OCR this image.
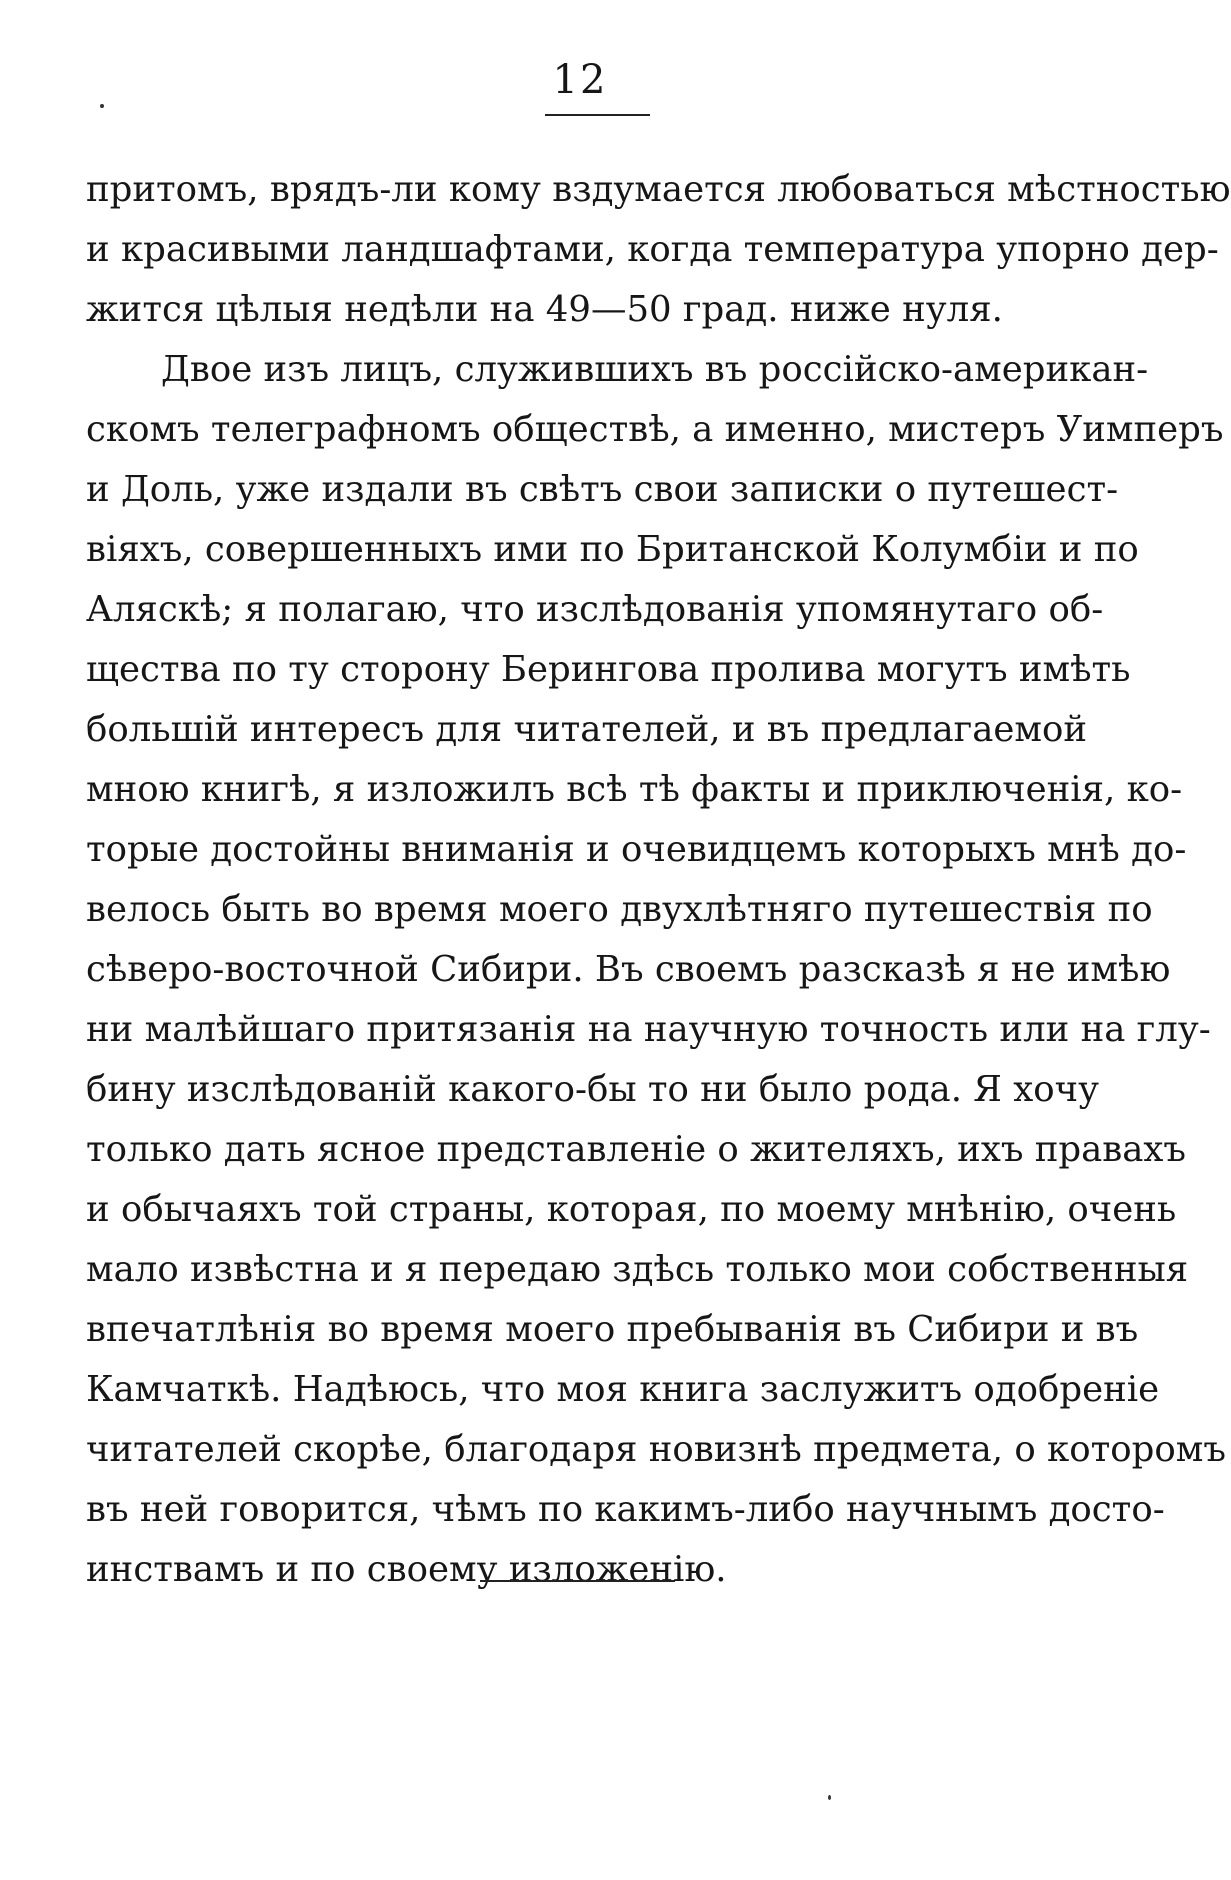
12
притомъ, врядъ-ли кому вздумается любоваться мѣстностью
и красивыми ландшафтами, когда температура упорно дер-
жится цѣлыя недѣли на 49—50 град. ниже нуля.
Двое изъ лицъ, служившихъ въ россійско-американ-
скомъ телеграфномъ обществѣ, а именно, мистеръ Уимперъ
и Доль, уже издали въ свѣтъ свои записки о путешест-
віяхъ, совершенныхъ ими по Британской Колумбіи и по
Аляскѣ; я полагаю, что изслѣдованія упомянутаго об-
щества по ту сторону Берингова пролива могутъ имѣть
большій интересъ для читателей, и въ предлагаемой
мною книгѣ, я изложилъ всѣ тѣ факты и приключенія, ко-
торые достойны вниманія и очевидцемъ которыхъ мнѣ до-
велось быть во время моего двухлѣтняго путешествія по
сѣверо-восточной Сибири. Въ своемъ разсказѣ я не имѣю
ни малѣйшаго притязанія на научную точность или на глу-
бину изслѣдованій какого-бы то ни было рода. Я хочу
только дать ясное представленіе о жителяхъ, ихъ правахъ
и обычаяхъ той страны, которая, по моему мнѣнію, очень
мало извѣстна и я передаю здѣсь только мои собственныя
впечатлѣнія во время моего пребыванія въ Сибири и въ
Камчаткѣ. Надѣюсь, что моя книга заслужитъ одобреніе
читателей скорѣе, благодаря новизнѣ предмета, о которомъ
въ ней говорится, чѣмъ по какимъ-либо научнымъ досто-
инствамъ и по своему изложенію.
